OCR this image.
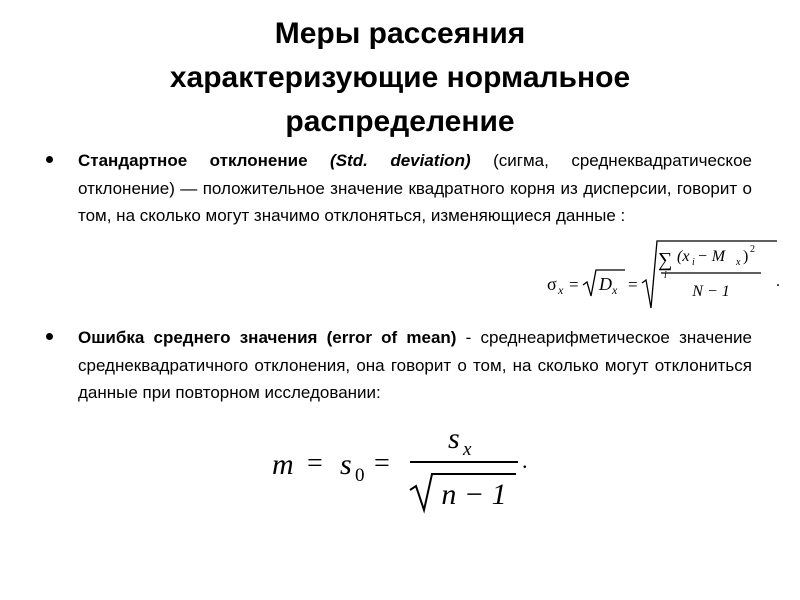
Меры рассеяния
характеризующие нормальное
распределение

Стандартное отклонение (Std. deviation) (сигма, среднеквадратическое отклонение) — положительное значение квадратного корня из дисперсии, говорит о том, на сколько могут значимо отклоняться, изменяющиеся данные :

σ x = D x =
∑
i
(x i − M x ) 2
N − 1
.

Ошибка среднего значения (error of mean) - среднеарифметическое значение среднеквадратичного отклонения, она говорит о том, на сколько могут отклониться данные при повторном исследовании:

m = s 0 =
s x
n − 1
.
